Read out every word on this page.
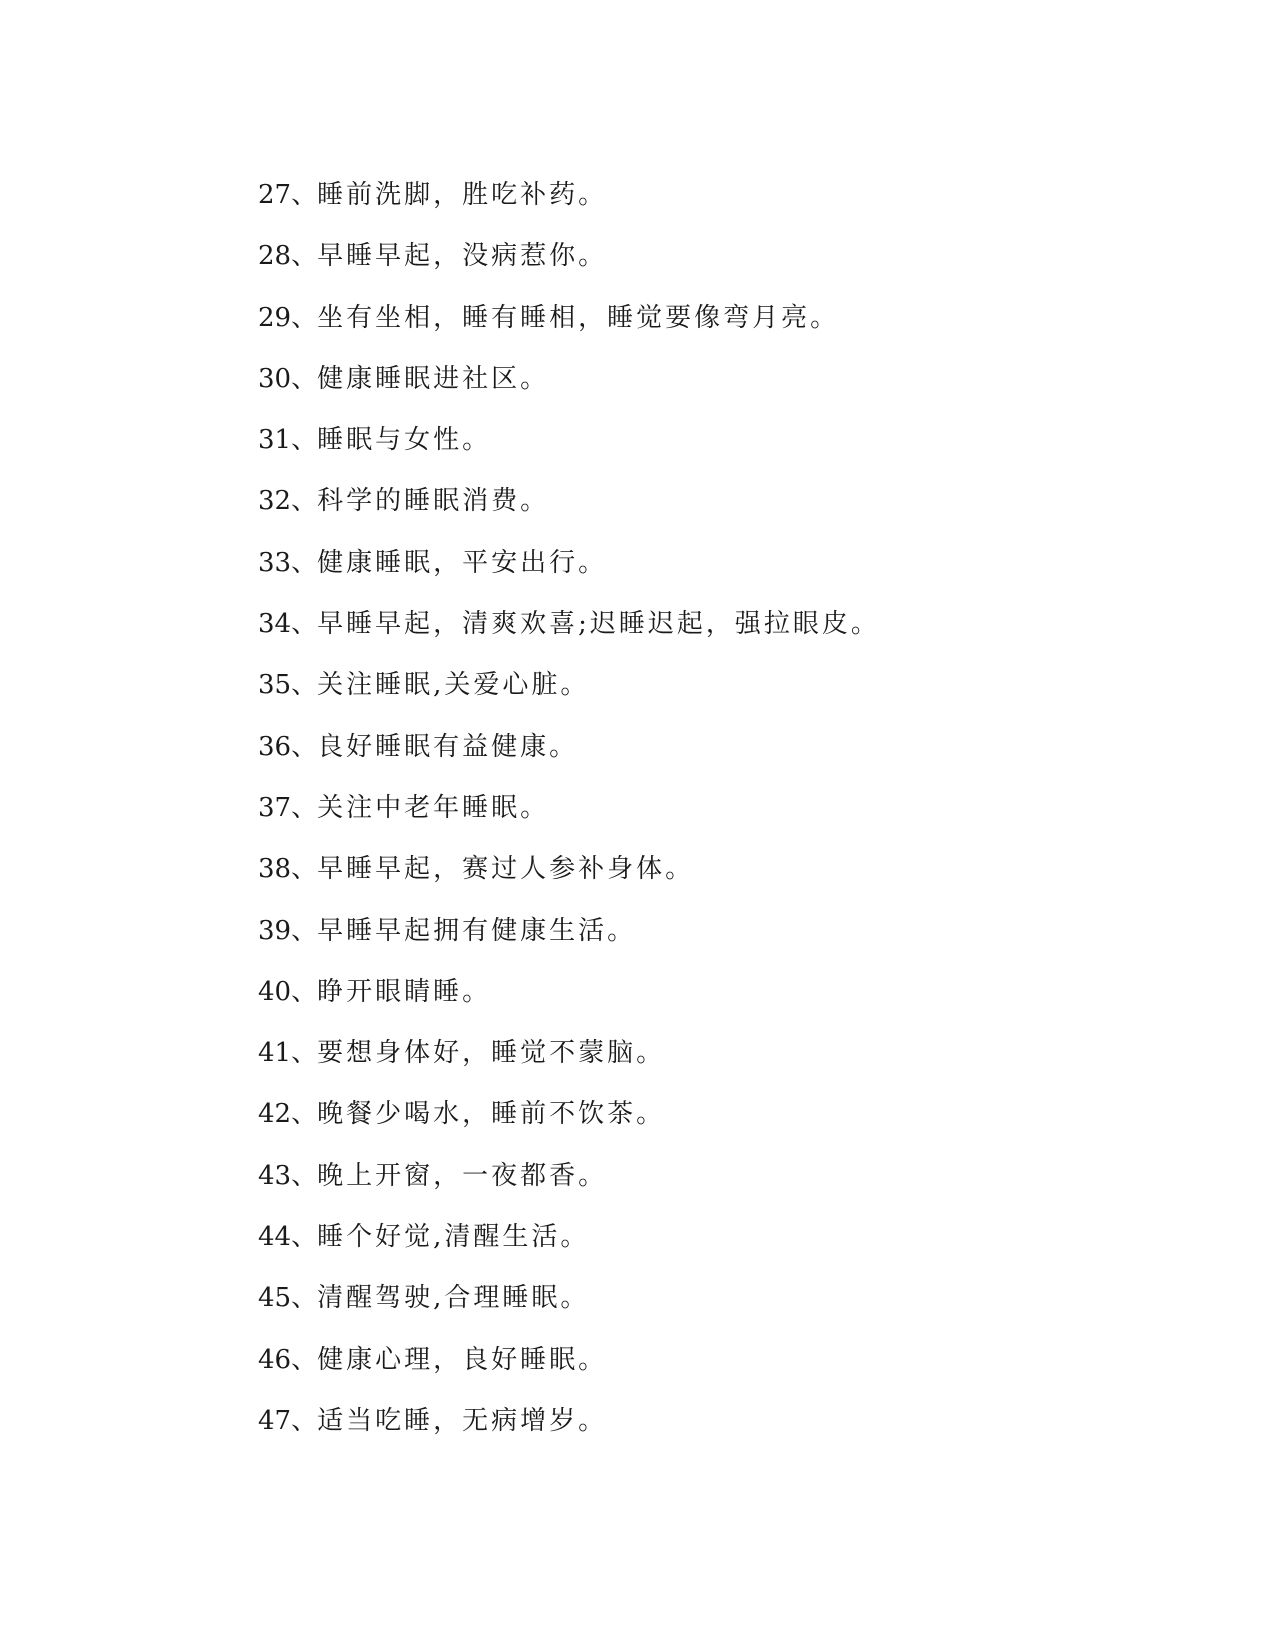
27、睡前洗脚，胜吃补药。
28、早睡早起，没病惹你。
29、坐有坐相，睡有睡相，睡觉要像弯月亮。
30、健康睡眠进社区。
31、睡眠与女性。
32、科学的睡眠消费。
33、健康睡眠，平安出行。
34、早睡早起，清爽欢喜;迟睡迟起，强拉眼皮。
35、关注睡眠,关爱心脏。
36、良好睡眠有益健康。
37、关注中老年睡眠。
38、早睡早起，赛过人参补身体。
39、早睡早起拥有健康生活。
40、睁开眼睛睡。
41、要想身体好，睡觉不蒙脑。
42、晚餐少喝水，睡前不饮茶。
43、晚上开窗，一夜都香。
44、睡个好觉,清醒生活。
45、清醒驾驶,合理睡眠。
46、健康心理，良好睡眠。
47、适当吃睡，无病增岁。
